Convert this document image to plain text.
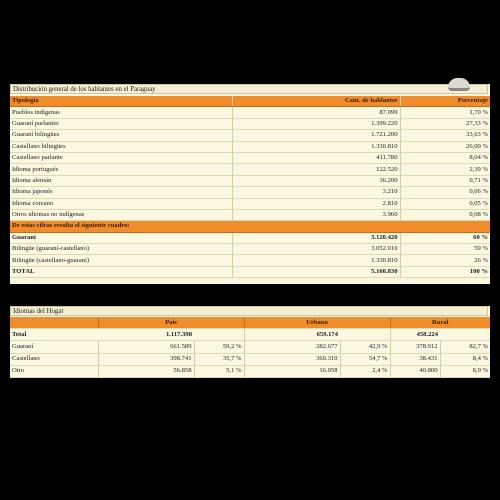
Distribución general de los hablantes en el Paraguay
Tipología	Cant. de hablantes	Porcentaje
Pueblos indígenas	87.099	1,70 %
Guaraní parlantes	1.399.220	27,33 %
Guaraní bilingües	1.721.200	33,63 %
Castellano bilingües	1.330.810	26,00 %
Castellano parlante	411.780	8,04 %
Idioma portugués	122.520	2,39 %
Idioma alemán	36.200	0,71 %
Idioma japonés	3.210	0,06 %
Idioma coreano	2.810	0,05 %
Otros idiomas no indígenas	3.960	0,08 %
De estas cifras resulta el siguiente cuadro:		
Guaraní	3.120.420	60 %
Bilingüe (guaraní-castellano)	3.052.010	59 %
Bilingüe (castellano-guaraní)	1.330.810	26 %
TOTAL	5.160.830	100 %
Idiomas del Hogar
	País		Urbana		Rural	
Total	1.117.398		659.174		458.224	
Guaraní	661.589	59,2 %	282.677	42,9 %	378.912	82,7 %
Castellano	398.741	35,7 %	360.310	54,7 %	38.431	8,4 %
Otro	56.858	5,1 %	16.058	2,4 %	40.800	8,9 %
